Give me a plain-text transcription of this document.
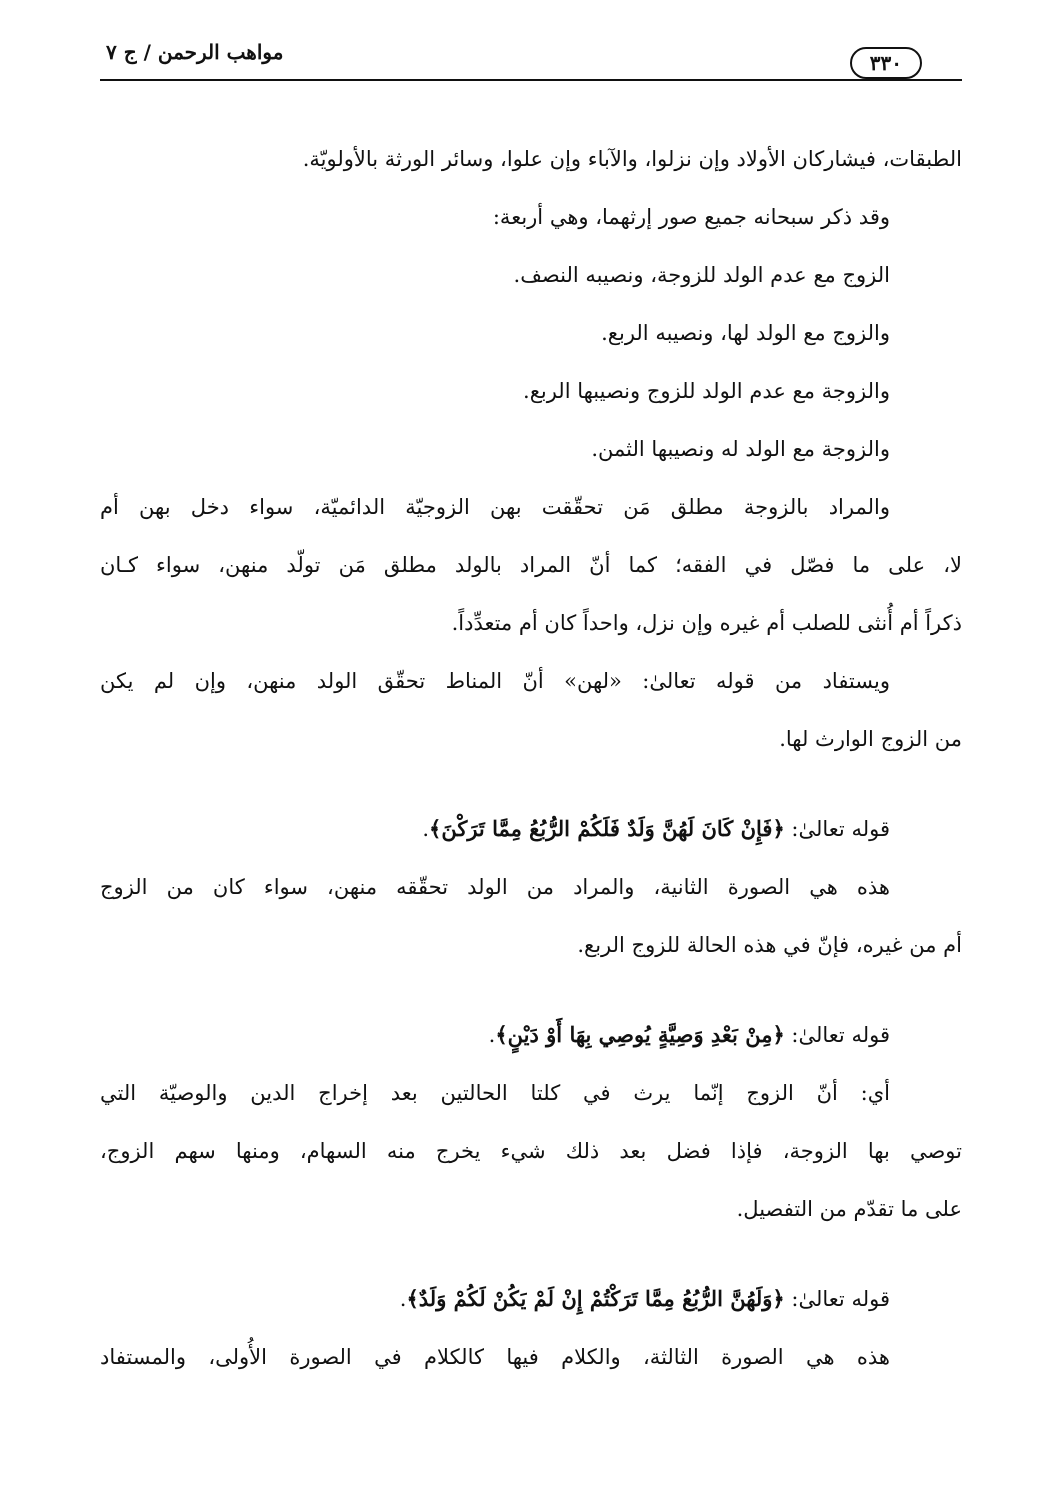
مواهب الرحمن / ج ٧	٣٣٠
الطبقات، فيشاركان الأولاد وإن نزلوا، والآباء وإن علوا، وسائر الورثة بالأولويّة.
وقد ذكر سبحانه جميع صور إرثهما، وهي أربعة:
الزوج مع عدم الولد للزوجة، ونصيبه النصف.
والزوج مع الولد لها، ونصيبه الربع.
والزوجة مع عدم الولد للزوج ونصيبها الربع.
والزوجة مع الولد له ونصيبها الثمن.
والمراد بالزوجة مطلق مَن تحقّقت بهن الزوجيّة الدائميّة، سواء دخل بهن أم
لا، على ما فصّل في الفقه؛ كما أنّ المراد بالولد مطلق مَن تولّد منهن، سواء كـان
ذكراً أم أُنثى للصلب أم غيره وإن نزل، واحداً كان أم متعدِّداً.
ويستفاد من قوله تعالىٰ: «لهن» أنّ المناط تحقّق الولد منهن، وإن لم يكن
من الزوج الوارث لها.
قوله تعالىٰ: ﴿فَإِنْ كَانَ لَهُنَّ وَلَدٌ فَلَكُمْ الرُّبُعُ مِمَّا تَرَكْنَ﴾.
هذه هي الصورة الثانية، والمراد من الولد تحقّقه منهن، سواء كان من الزوج
أم من غيره، فإنّ في هذه الحالة للزوج الربع.
قوله تعالىٰ: ﴿مِنْ بَعْدِ وَصِيَّةٍ يُوصِي بِهَا أَوْ دَيْنٍ﴾.
أي: أنّ الزوج إنّما يرث في كلتا الحالتين بعد إخراج الدين والوصيّة التي
توصي بها الزوجة، فإذا فضل بعد ذلك شيء يخرج منه السهام، ومنها سهم الزوج،
على ما تقدّم من التفصيل.
قوله تعالىٰ: ﴿وَلَهُنَّ الرُّبُعُ مِمَّا تَرَكْتُمْ إِنْ لَمْ يَكُنْ لَكُمْ وَلَدٌ﴾.
هذه هي الصورة الثالثة، والكلام فيها كالكلام في الصورة الأُولى، والمستفاد
